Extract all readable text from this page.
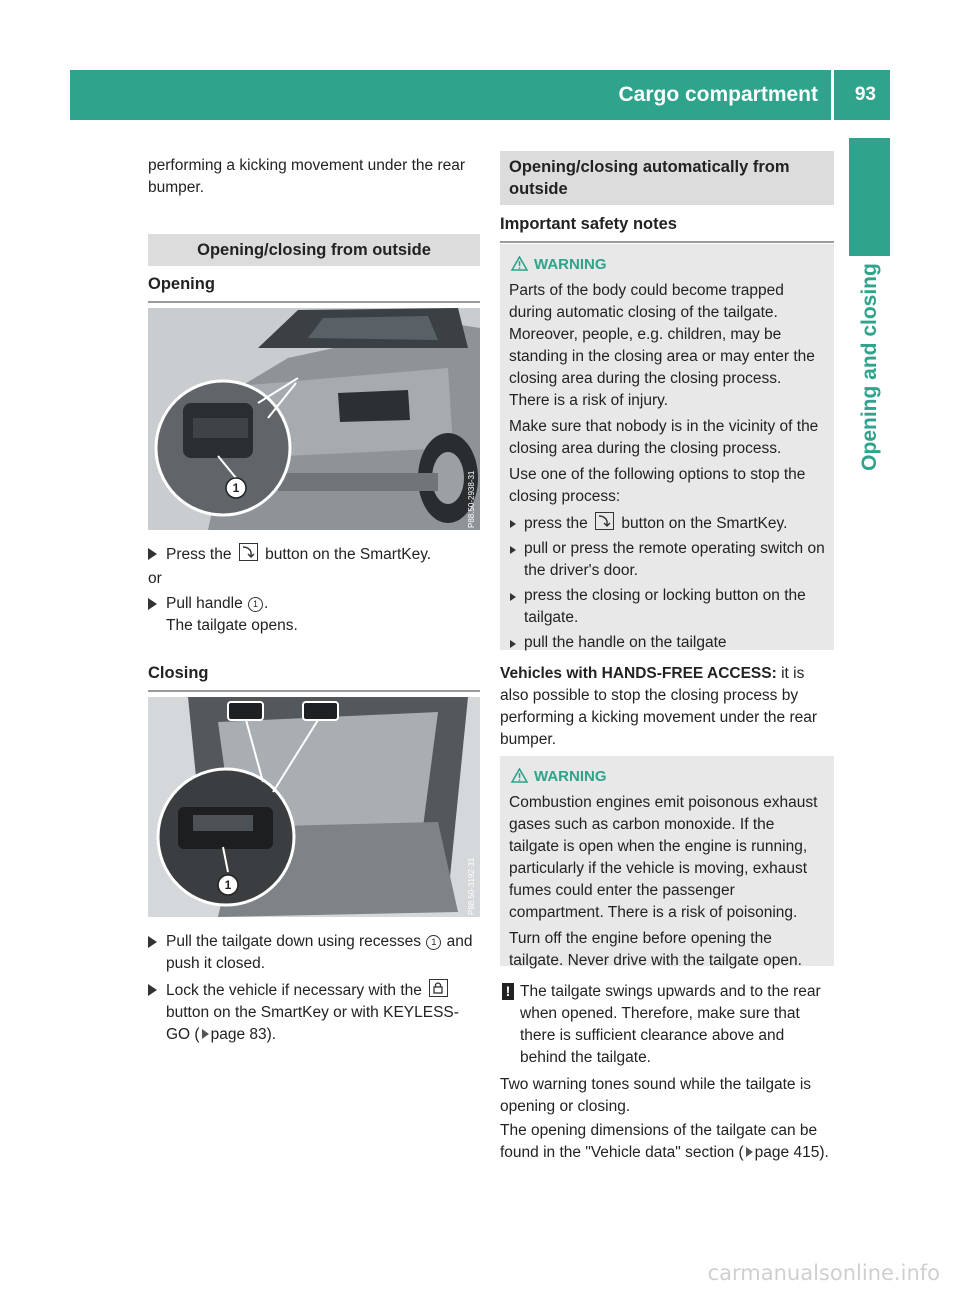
Cargo compartment 93
Opening and closing

performing a kicking movement under the rear bumper.

Opening/closing from outside
Opening
1	P88.50-2938-31
Press the button on the SmartKey.

or

Pull handle 1 .
The tailgate opens.
Closing
1	P88.50-3192-31
Pull the tailgate down using recesses 1 and push it closed.
Lock the vehicle if necessary with the
button on the SmartKey or with KEYLESS-GO ( page 83).
Opening/closing automatically from outside
Important safety notes
WARNING

Parts of the body could become trapped during automatic closing of the tailgate. Moreover, people, e.g. children, may be standing in the closing area or may enter the closing area during the closing process. There is a risk of injury.

Make sure that nobody is in the vicinity of the closing area during the closing process.

Use one of the following options to stop the closing process:

press the button on the SmartKey.
pull or press the remote operating switch on the driver's door.
press the closing or locking button on the tailgate.
pull the handle on the tailgate

Vehicles with HANDS-FREE ACCESS: it is also possible to stop the closing process by performing a kicking movement under the rear bumper.

WARNING

Combustion engines emit poisonous exhaust gases such as carbon monoxide. If the tailgate is open when the engine is running, particularly if the vehicle is moving, exhaust fumes could enter the passenger compartment. There is a risk of poisoning.

Turn off the engine before opening the tailgate. Never drive with the tailgate open.

! The tailgate swings upwards and to the rear when opened. Therefore, make sure that there is sufficient clearance above and behind the tailgate.

Two warning tones sound while the tailgate is opening or closing.

The opening dimensions of the tailgate can be found in the "Vehicle data" section ( page 415).

carmanualsonline.info
